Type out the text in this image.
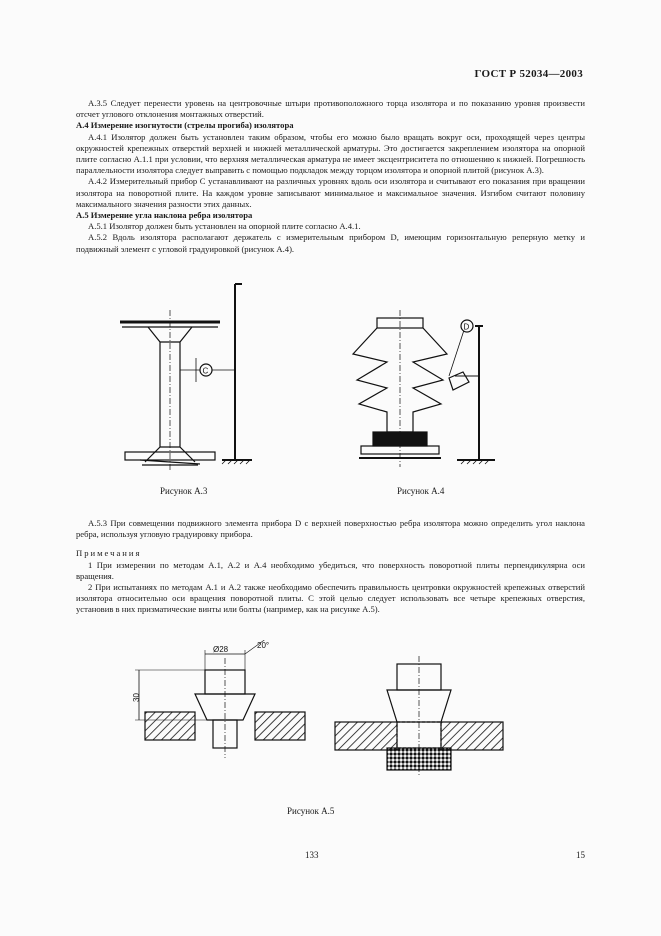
ГОСТ Р 52034—2003

А.3.5 Следует перенести уровень на центровочные штыри противоположного торца изолятора и по показанию уровня произвести отсчет углового отклонения монтажных отверстий.

А.4 Измерение изогнутости (стрелы прогиба) изолятора

А.4.1 Изолятор должен быть установлен таким образом, чтобы его можно было вращать вокруг оси, проходящей через центры окружностей крепежных отверстий верхней и нижней металлической арматуры. Это достигается закреплением изолятора на опорной плите согласно А.1.1 при условии, что верхняя металлическая арматура не имеет эксцентриситета по отношению к нижней. Погрешность параллельности изолятора следует выправить с помощью подкладок между торцом изолятора и опорной плитой (рисунок А.3).

А.4.2 Измерительный прибор С устанавливают на различных уровнях вдоль оси изолятора и считывают его показания при вращении изолятора на поворотной плите. На каждом уровне записывают минимальное и максимальное значения. Изгибом считают половину максимального значения разности этих данных.

А.5 Измерение угла наклона ребра изолятора

А.5.1 Изолятор должен быть установлен на опорной плите согласно А.4.1.

А.5.2 Вдоль изолятора располагают держатель с измерительным прибором D, имеющим горизонтальную реперную метку и подвижный элемент с угловой градуировкой (рисунок А.4).

C
Рисунок А.3
D
Рисунок А.4

А.5.3 При совмещении подвижного элемента прибора D с верхней поверхностью ребра изолятора можно определить угол наклона ребра, используя угловую градуировку прибора.

Примечания

1 При измерении по методам А.1, А.2 и А.4 необходимо убедиться, что поверхность поворотной плиты перпендикулярна оси вращения.

2 При испытаниях по методам А.1 и А.2 также необходимо обеспечить правильность центровки окружностей крепежных отверстий изолятора относительно оси вращения поворотной плиты. С этой целью следует использовать все четыре крепежных отверстия, установив в них призматические винты или болты (например, как на рисунке А.5).

Ø28	20°
30
Рисунок А.5
133	15
